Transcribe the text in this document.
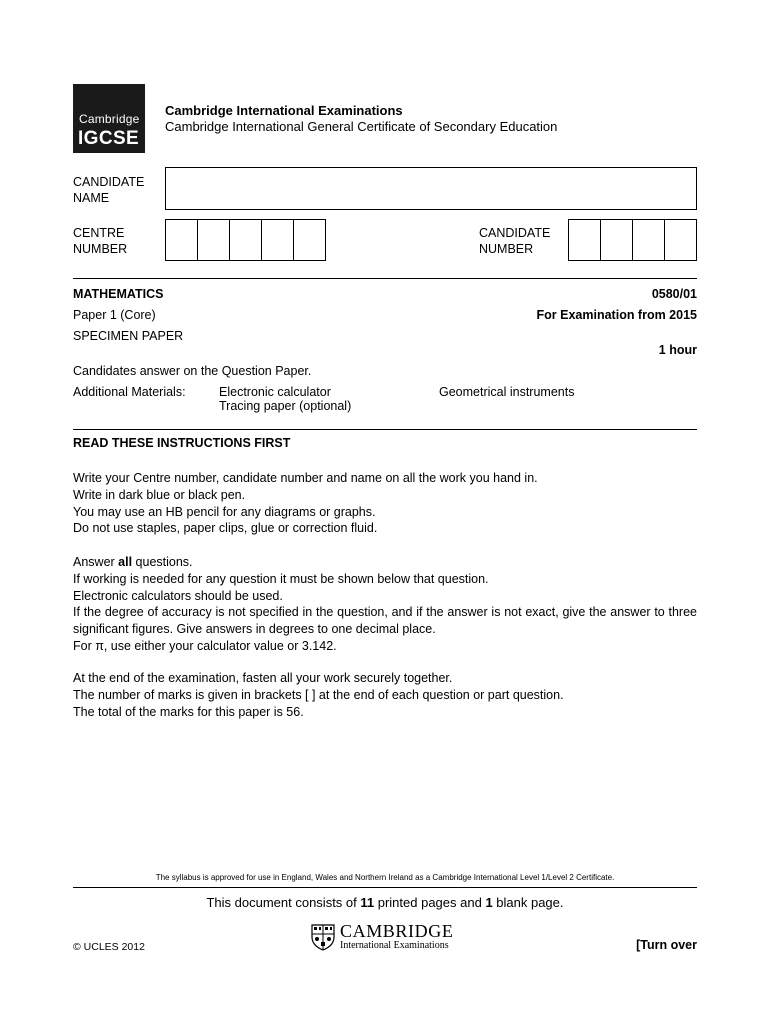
Cambridge
IGCSE
Cambridge International Examinations
Cambridge International General Certificate of Secondary Education
CANDIDATE
NAME
CENTRE
NUMBER
CANDIDATE
NUMBER
MATHEMATICS	0580/01
Paper 1 (Core)	For Examination from 2015
SPECIMEN PAPER
1 hour
Candidates answer on the Question Paper.
Additional Materials:	Electronic calculator
Tracing paper (optional)
Geometrical instruments
READ THESE INSTRUCTIONS FIRST
Write your Centre number, candidate number and name on all the work you hand in.
Write in dark blue or black pen.
You may use an HB pencil for any diagrams or graphs.
Do not use staples, paper clips, glue or correction fluid.
Answer all questions.
If working is needed for any question it must be shown below that question.
Electronic calculators should be used.
If the degree of accuracy is not specified in the question, and if the answer is not exact, give the answer to three significant figures. Give answers in degrees to one decimal place.
For π, use either your calculator value or 3.142.
At the end of the examination, fasten all your work securely together.
The number of marks is given in brackets [ ] at the end of each question or part question.
The total of the marks for this paper is 56.
The syllabus is approved for use in England, Wales and Northern Ireland as a Cambridge International Level 1/Level 2 Certificate.
This document consists of 11 printed pages and 1 blank page.
CAMBRIDGE
International Examinations
© UCLES 2012	[Turn over
